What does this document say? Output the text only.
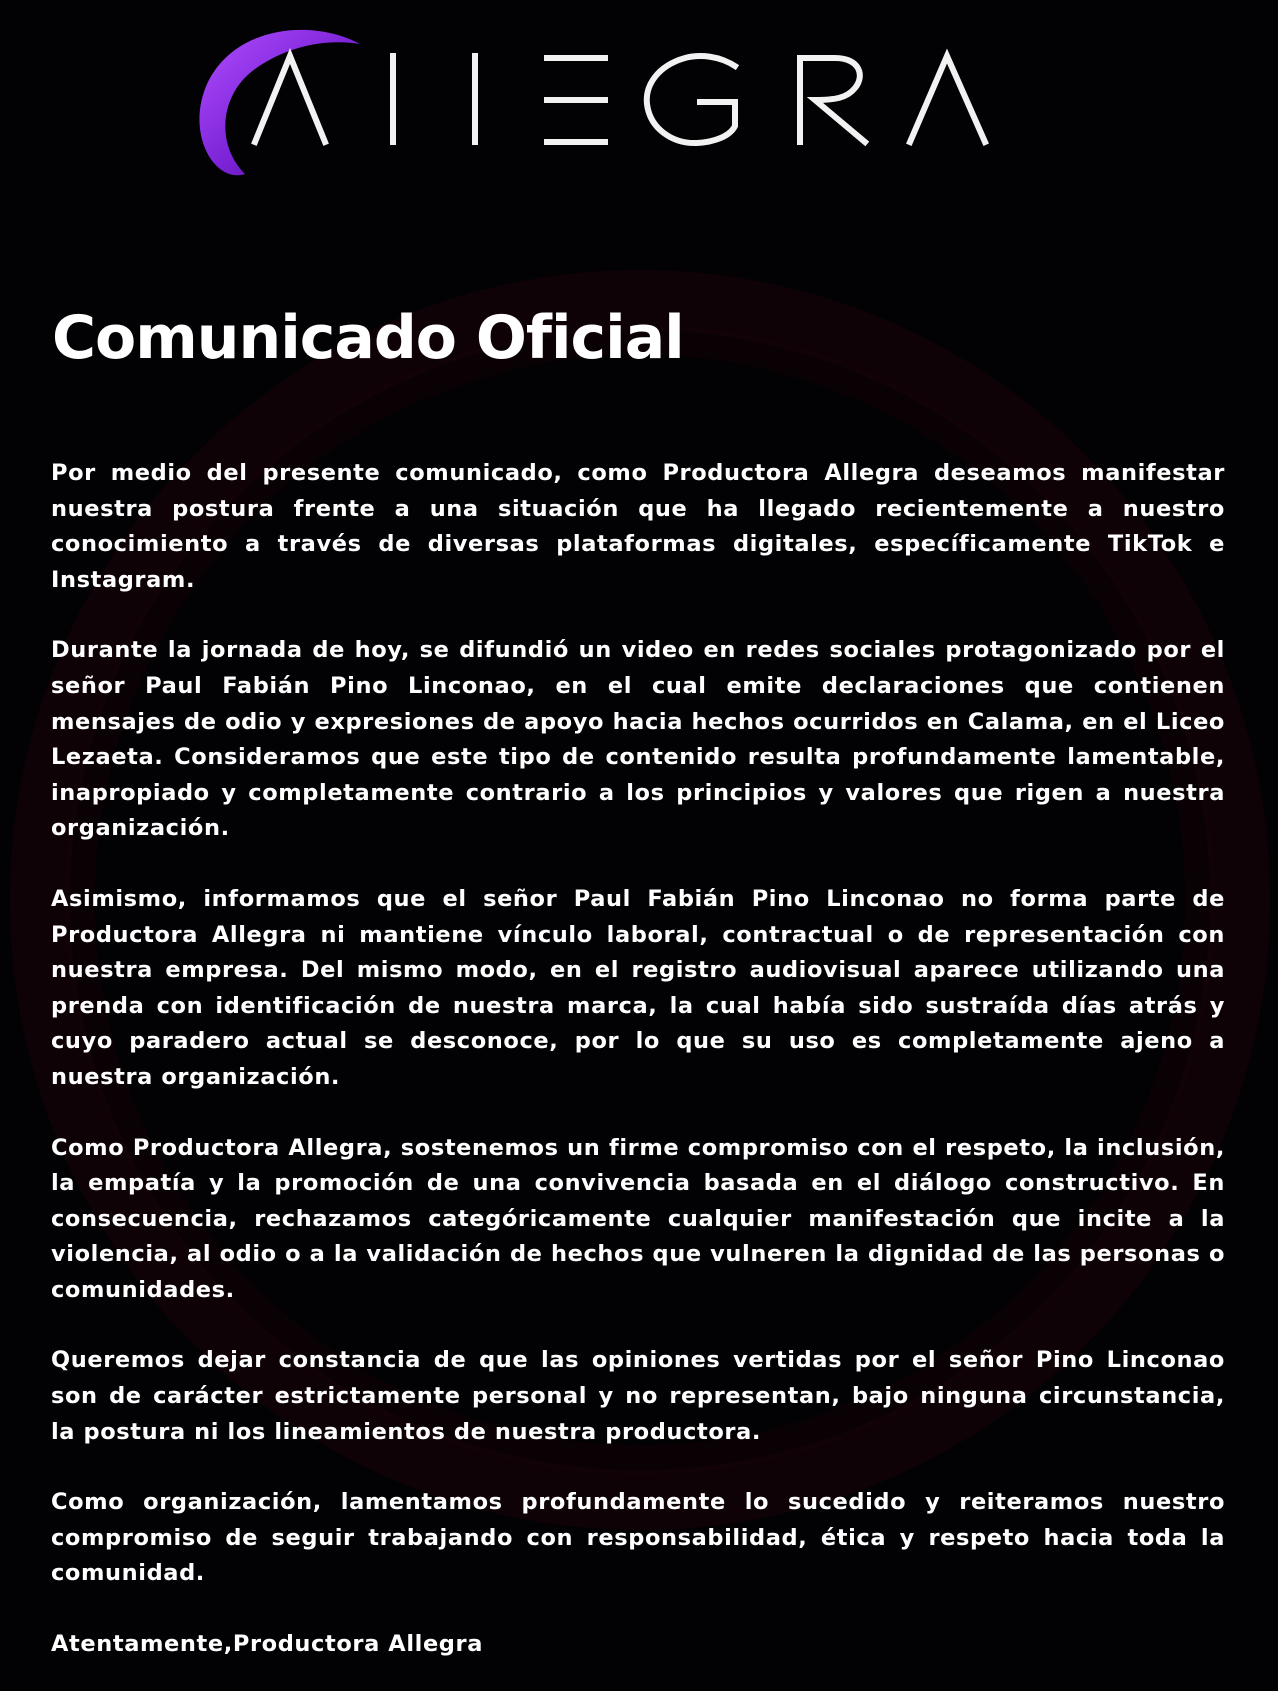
Comunicado Oficial

Por medio del presente comunicado, como Productora Allegra deseamos manifestar nuestra postura frente a una situación que ha llegado recientemente a nuestro conocimiento a través de diversas plataformas digitales, específicamente TikTok e Instagram.

Durante la jornada de hoy, se difundió un video en redes sociales protagonizado por el señor Paul Fabián Pino Linconao, en el cual emite declaraciones que contienen mensajes de odio y expresiones de apoyo hacia hechos ocurridos en Calama, en el Liceo Lezaeta. Consideramos que este tipo de contenido resulta profundamente lamentable, inapropiado y completamente contrario a los principios y valores que rigen a nuestra organización.

Asimismo, informamos que el señor Paul Fabián Pino Linconao no forma parte de Productora Allegra ni mantiene vínculo laboral, contractual o de representación con nuestra empresa. Del mismo modo, en el registro audiovisual aparece utilizando una prenda con identificación de nuestra marca, la cual había sido sustraída días atrás y cuyo paradero actual se desconoce, por lo que su uso es completamente ajeno a nuestra organización.

Como Productora Allegra, sostenemos un firme compromiso con el respeto, la inclusión, la empatía y la promoción de una convivencia basada en el diálogo constructivo. En consecuencia, rechazamos categóricamente cualquier manifestación que incite a la violencia, al odio o a la validación de hechos que vulneren la dignidad de las personas o comunidades.

Queremos dejar constancia de que las opiniones vertidas por el señor Pino Linconao son de carácter estrictamente personal y no representan, bajo ninguna circunstancia, la postura ni los lineamientos de nuestra productora.

Como organización, lamentamos profundamente lo sucedido y reiteramos nuestro compromiso de seguir trabajando con responsabilidad, ética y respeto hacia toda la comunidad.

Atentamente,Productora Allegra
